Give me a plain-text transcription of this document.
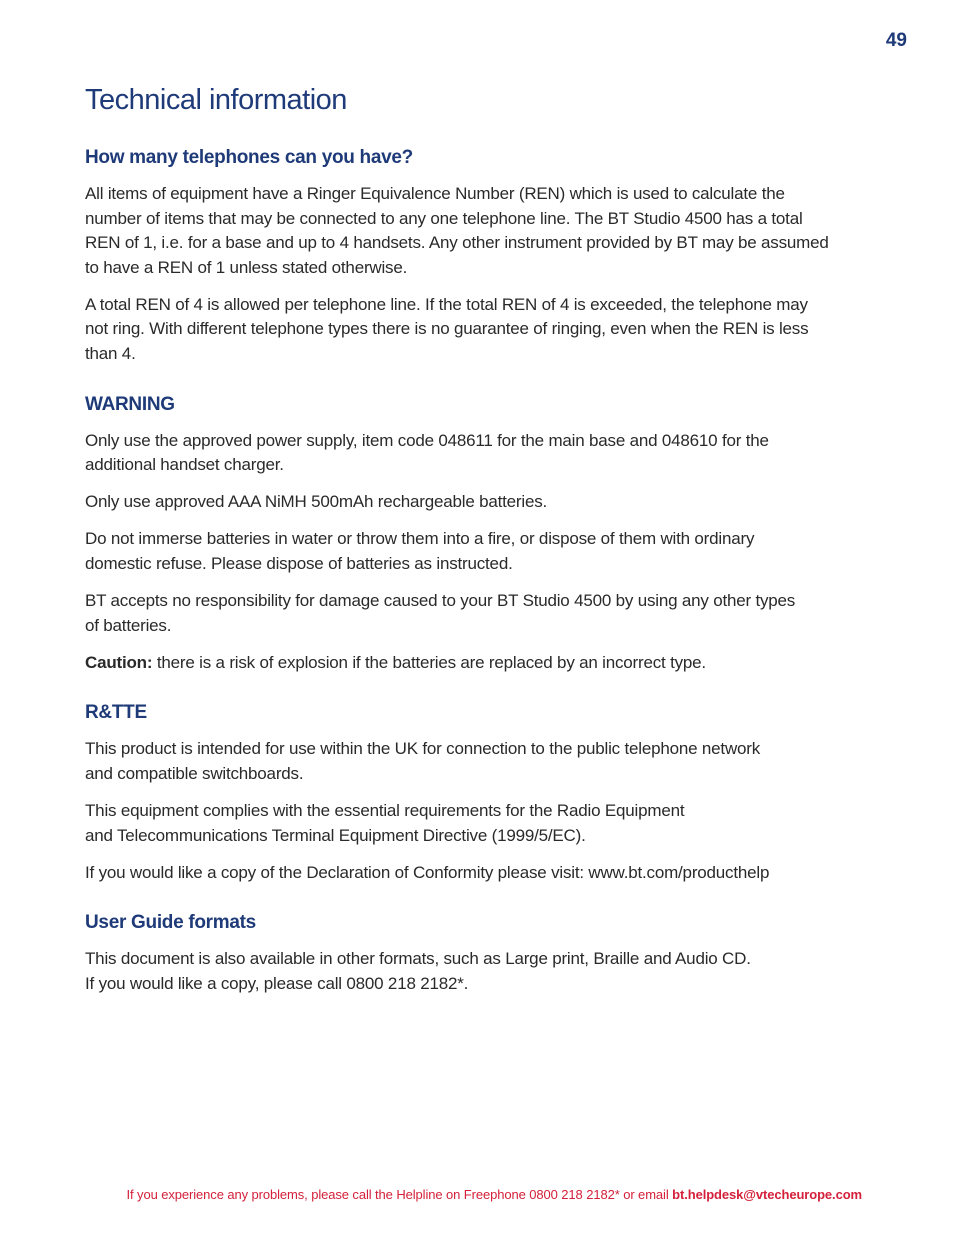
49
Technical information
How many telephones can you have?

All items of equipment have a Ringer Equivalence Number (REN) which is used to calculate the
number of items that may be connected to any one telephone line. The BT Studio 4500 has a total
REN of 1, i.e. for a base and up to 4 handsets. Any other instrument provided by BT may be assumed
to have a REN of 1 unless stated otherwise.

A total REN of 4 is allowed per telephone line. If the total REN of 4 is exceeded, the telephone may
not ring. With different telephone types there is no guarantee of ringing, even when the REN is less
than 4.

WARNING

Only use the approved power supply, item code 048611 for the main base and 048610 for the
additional handset charger.

Only use approved AAA NiMH 500mAh rechargeable batteries.

Do not immerse batteries in water or throw them into a fire, or dispose of them with ordinary
domestic refuse. Please dispose of batteries as instructed.

BT accepts no responsibility for damage caused to your BT Studio 4500 by using any other types
of batteries.

Caution: there is a risk of explosion if the batteries are replaced by an incorrect type.

R&TTE

This product is intended for use within the UK for connection to the public telephone network
and compatible switchboards.

This equipment complies with the essential requirements for the Radio Equipment
and Telecommunications Terminal Equipment Directive (1999/5/EC).

If you would like a copy of the Declaration of Conformity please visit: www.bt.com/producthelp

User Guide formats

This document is also available in other formats, such as Large print, Braille and Audio CD.
If you would like a copy, please call 0800 218 2182*.

If you experience any problems, please call the Helpline on Freephone 0800 218 2182* or email bt.helpdesk@vtecheurope.com
